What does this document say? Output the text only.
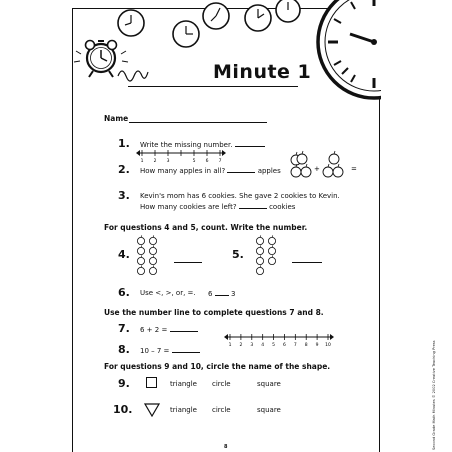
Minute 1
Name
1. Write the missing number.
1 2 3	5 6 7
2. How many apples in all?	apples	+	=
3. Kevin's mom has 6 cookies. She gave 2 cookies to Kevin.
How many cookies are left?	cookies
For questions 4 and 5, count. Write the number.
4.	5.
6. Use <, >, or, =. 6	3
Use the number line to complete questions 7 and 8.
7. 6 + 2 =
1 2 3 4 5 6 7 8 9 10
8. 10 – 7 =
For questions 9 and 10, circle the name of the shape.
9.	triangle circle	square
10.	triangle circle	square
8	Second Grade Math Minutes © 2002 Creative Teaching Press
